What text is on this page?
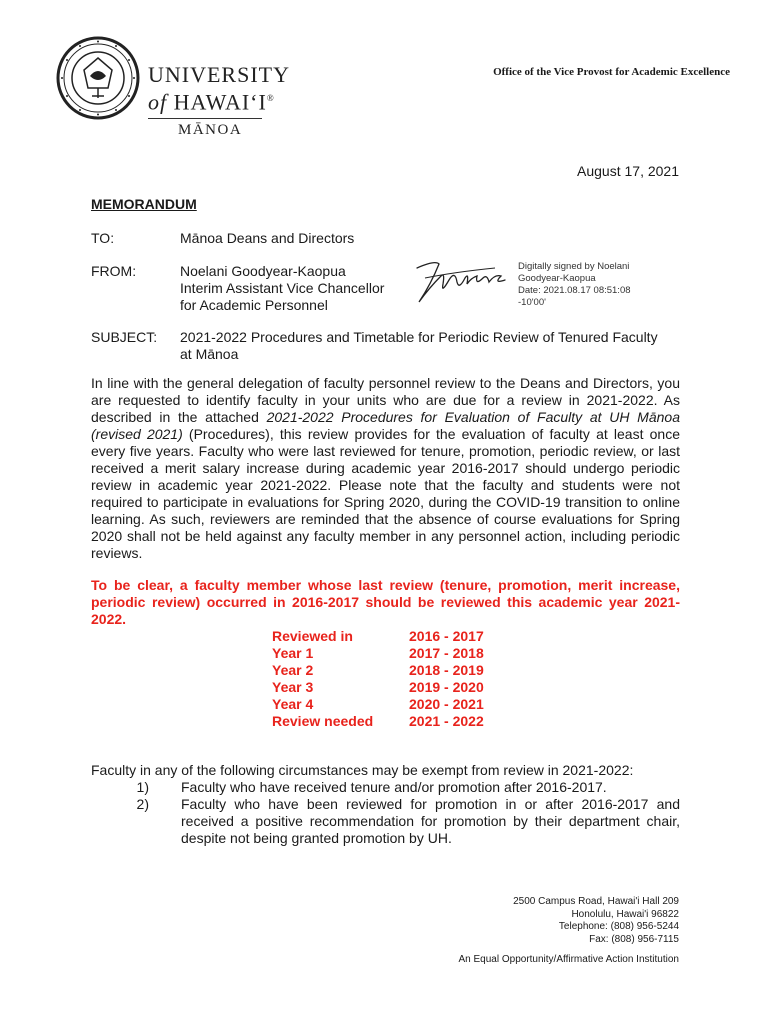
UNIVERSITY
of HAWAIʻI®
MĀNOA
Office of the Vice Provost for Academic Excellence
August 17, 2021
MEMORANDUM
TO:	Mānoa Deans and Directors
FROM:	Noelani Goodyear-Kaopua
Interim Assistant Vice Chancellor
for Academic Personnel
Digitally signed by Noelani
Goodyear-Kaopua
Date: 2021.08.17 08:51:08
-10'00'
SUBJECT: 2021-2022 Procedures and Timetable for Periodic Review of Tenured Faculty
at Mānoa
In line with the general delegation of faculty personnel review to the Deans and Directors, you are requested to identify faculty in your units who are due for a review in 2021-2022. As described in the attached 2021-2022 Procedures for Evaluation of Faculty at UH Mānoa (revised 2021) (Procedures), this review provides for the evaluation of faculty at least once every five years. Faculty who were last reviewed for tenure, promotion, periodic review, or last received a merit salary increase during academic year 2016-2017 should undergo periodic review in academic year 2021-2022. Please note that the faculty and students were not required to participate in evaluations for Spring 2020, during the COVID-19 transition to online learning. As such, reviewers are reminded that the absence of course evaluations for Spring 2020 shall not be held against any faculty member in any personnel action, including periodic reviews.
To be clear, a faculty member whose last review (tenure, promotion, merit increase, periodic review) occurred in 2016-2017 should be reviewed this academic year 2021-2022.
Reviewed in	2016 - 2017
Year 1	2017 - 2018
Year 2	2018 - 2019
Year 3	2019 - 2020
Year 4	2020 - 2021
Review needed	2021 - 2022
Faculty in any of the following circumstances may be exempt from review in 2021-2022:
1)	Faculty who have received tenure and/or promotion after 2016-2017.
2)	Faculty who have been reviewed for promotion in or after 2016-2017 and received a positive recommendation for promotion by their department chair, despite not being granted promotion by UH.
2500 Campus Road, Hawai'i Hall 209
Honolulu, Hawai'i 96822
Telephone: (808) 956-5244
Fax: (808) 956-7115
An Equal Opportunity/Affirmative Action Institution
